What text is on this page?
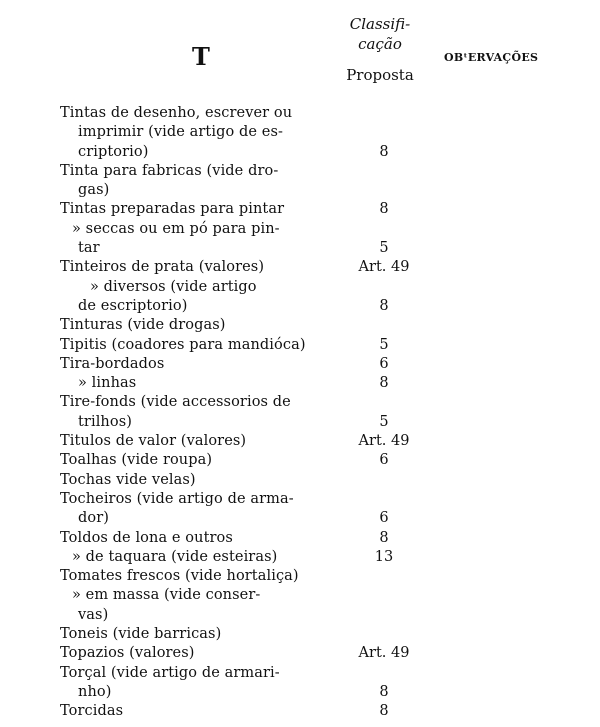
T
Classifi-
cação
Proposta
OBᵗERVAÇÕES
Tintas de desenho, escrever ou
imprimir (vide artigo de es-
criptorio)	8
Tinta para fabricas (vide dro-
gas)
Tintas preparadas para pintar	8
» seccas ou em pó para pin-
tar	5
Tinteiros de prata (valores)	Art. 49
» diversos (vide artigo
de escriptorio)	8
Tinturas (vide drogas)
Tipitis (coadores para mandióca)	5
Tira-bordados	6
» linhas	8
Tire-fonds (vide accessorios de
trilhos)	5
Titulos de valor (valores)	Art. 49
Toalhas (vide roupa)	6
Tochas vide velas)
Tocheiros (vide artigo de arma-
dor)	6
Toldos de lona e outros	8
» de taquara (vide esteiras)	13
Tomates frescos (vide hortaliça)
» em massa (vide conser-
vas)
Toneis (vide barricas)
Topazios (valores)	Art. 49
Torçal (vide artigo de armari-
nho)	8
Torcidas	8
